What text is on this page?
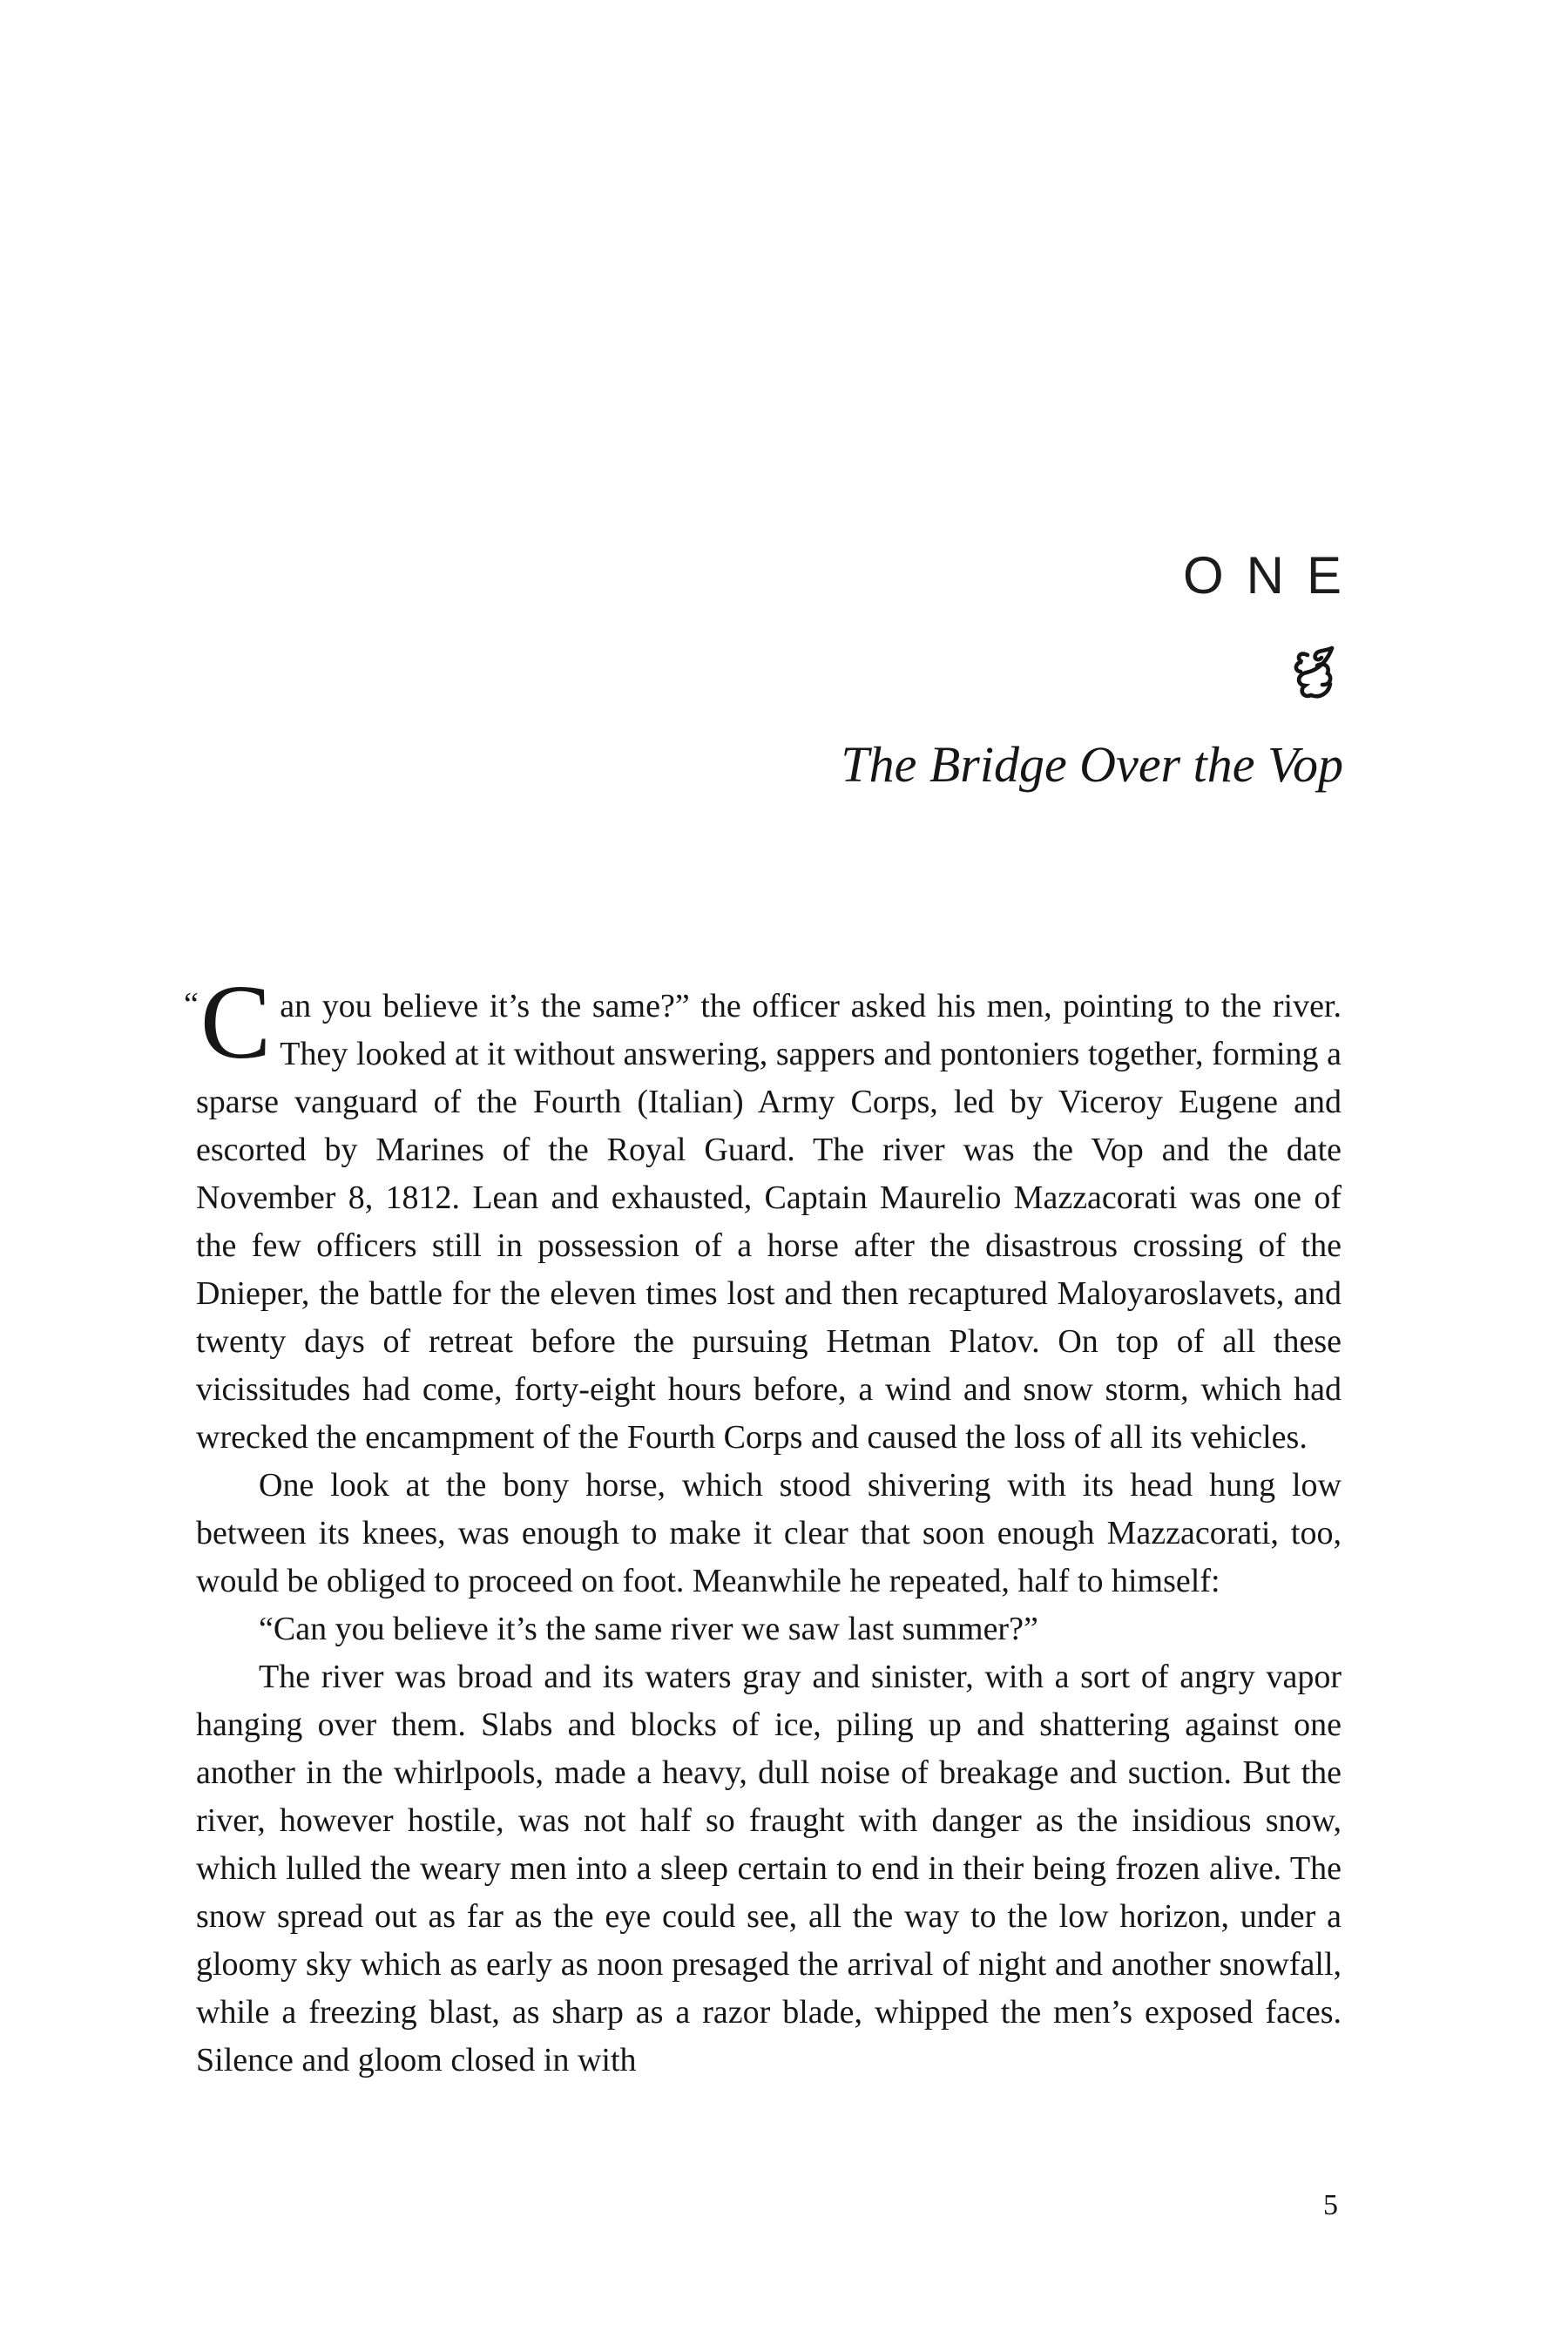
ONE
The Bridge Over the Vop

“ C an you believe it’s the same?” the officer asked his men, pointing to the river. They looked at it without answering, sappers and pontoniers together, forming a sparse vanguard of the Fourth (Italian) Army Corps, led by Viceroy Eugene and escorted by Marines of the Royal Guard. The river was the Vop and the date November 8, 1812. Lean and exhausted, Captain Maurelio Mazzacorati was one of the few officers still in possession of a horse after the disastrous crossing of the Dnieper, the battle for the eleven times lost and then recaptured Maloyaroslavets, and twenty days of retreat before the pursuing Hetman Platov. On top of all these vicissitudes had come, forty-eight hours before, a wind and snow storm, which had wrecked the encampment of the Fourth Corps and caused the loss of all its vehicles.

One look at the bony horse, which stood shivering with its head hung low between its knees, was enough to make it clear that soon enough Mazzacorati, too, would be obliged to proceed on foot. Meanwhile he repeated, half to himself:

“Can you believe it’s the same river we saw last summer?”

The river was broad and its waters gray and sinister, with a sort of angry vapor hanging over them. Slabs and blocks of ice, piling up and shattering against one another in the whirlpools, made a heavy, dull noise of breakage and suction. But the river, however hostile, was not half so fraught with danger as the insidious snow, which lulled the weary men into a sleep certain to end in their being frozen alive. The snow spread out as far as the eye could see, all the way to the low horizon, under a gloomy sky which as early as noon presaged the arrival of night and another snowfall, while a freezing blast, as sharp as a razor blade, whipped the men’s exposed faces. Silence and gloom closed in with

5
